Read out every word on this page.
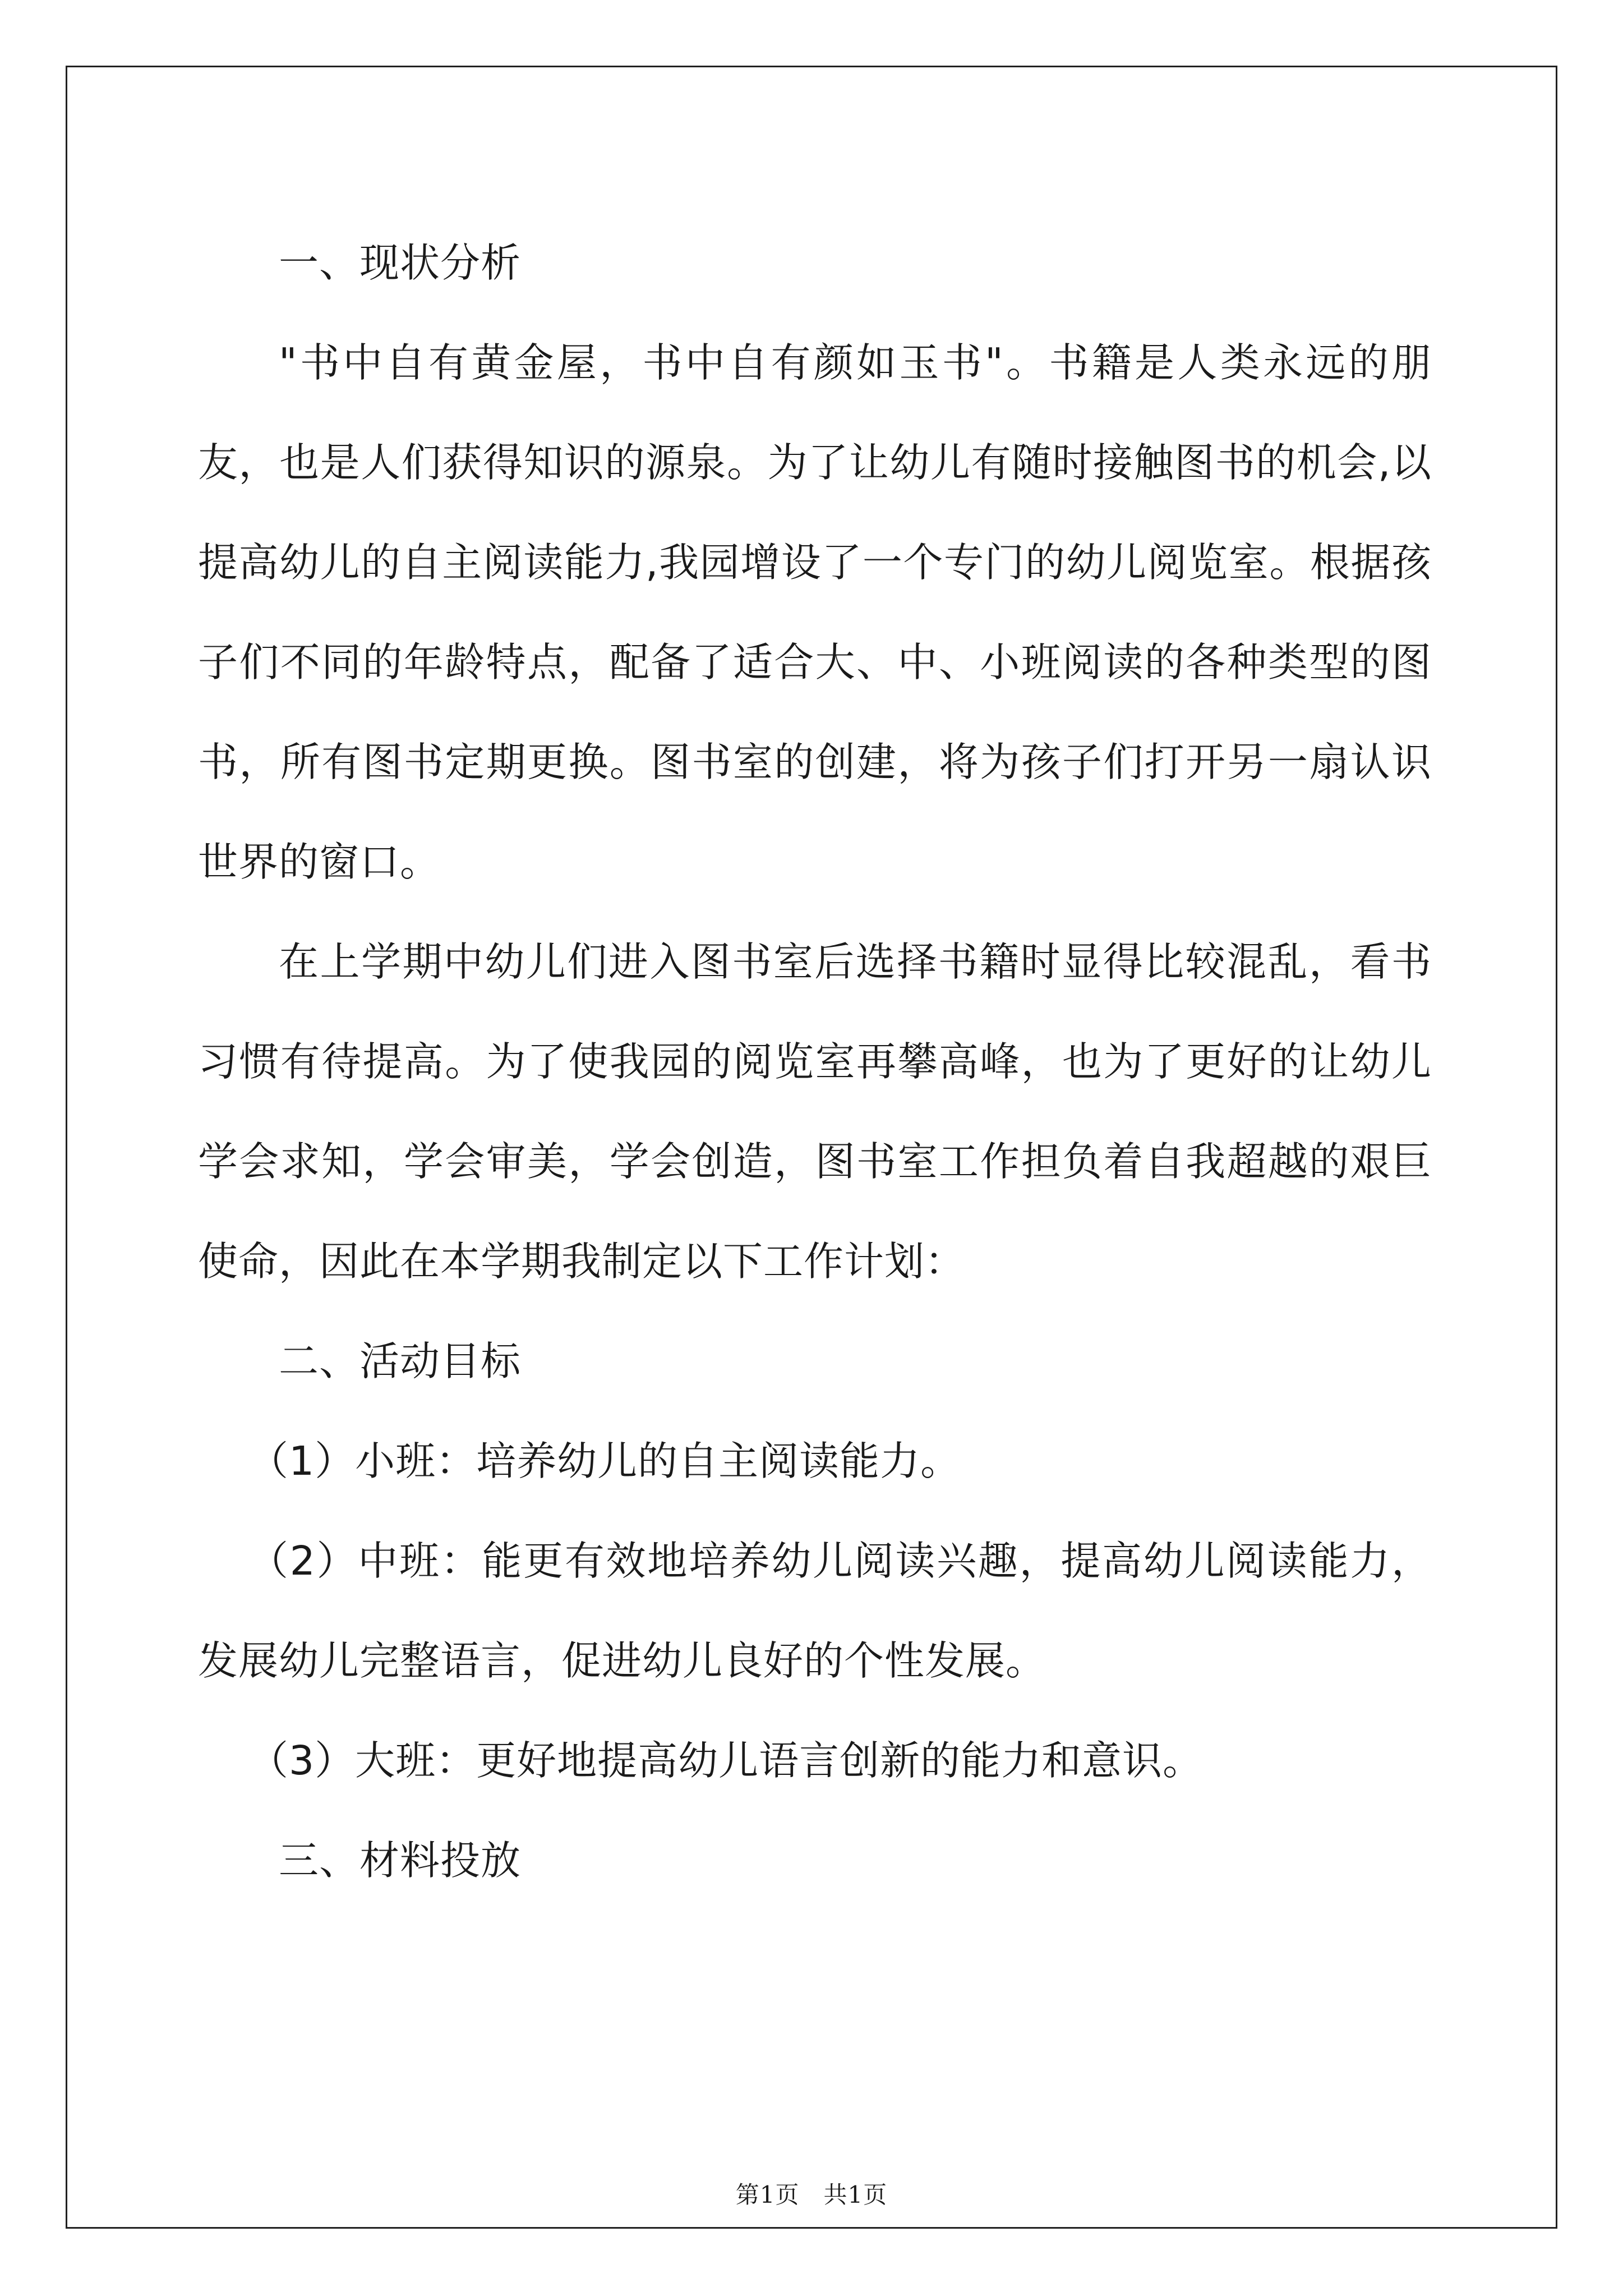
一、现状分析

"书中自有黄金屋，书中自有颜如玉书"。书籍是人类永远的朋友，也是人们获得知识的源泉。为了让幼儿有随时接触图书的机会,以提高幼儿的自主阅读能力,我园增设了一个专门的幼儿阅览室。根据孩子们不同的年龄特点，配备了适合大、中、小班阅读的各种类型的图书，所有图书定期更换。图书室的创建，将为孩子们打开另一扇认识世界的窗口。

在上学期中幼儿们进入图书室后选择书籍时显得比较混乱，看书习惯有待提高。为了使我园的阅览室再攀高峰，也为了更好的让幼儿学会求知，学会审美，学会创造，图书室工作担负着自我超越的艰巨使命，因此在本学期我制定以下工作计划：

二、活动目标

（1）小班：培养幼儿的自主阅读能力。

（2）中班：能更有效地培养幼儿阅读兴趣，提高幼儿阅读能力，发展幼儿完整语言，促进幼儿良好的个性发展。

（3）大班：更好地提高幼儿语言创新的能力和意识。

三、材料投放

第1页　共1页
